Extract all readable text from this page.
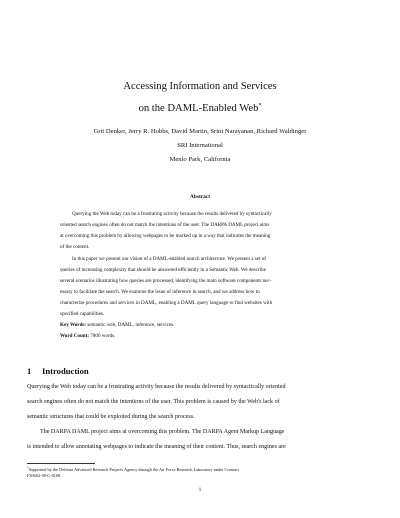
Accessing Information and Services
on the DAML-Enabled Web*
Grit Denker, Jerry R. Hobbs, David Martin, Srini Narayanan, Richard Waldinger
SRI International
Menlo Park, California
Abstract
Querying the Web today can be a frustrating activity because the results delivered by syntactically
oriented search engines often do not match the intentions of the user. The DARPA DAML project aims
at overcoming this problem by allowing webpages to be marked up in a way that indicates the meaning
of the content.
In this paper we present our vision of a DAML-enabled search architecture. We present a set of
queries of increasing complexity that should be answered efficiently in a Semantic Web. We describe
several scenarios illustrating how queries are processed, identifying the main software components nec-
essary to facilitate the search. We examine the issue of inference in search, and we address how to
characterize procedures and services in DAML, enabling a DAML query language to find websites with
specified capabilities.
Key Words: semantic web, DAML, inference, services.
Word Count: 7800 words.
1 Introduction
Querying the Web today can be a frustrating activity because the results delivered by syntactically oriented
search engines often do not match the intentions of the user. This problem is caused by the Web's lack of
semantic structures that could be exploited during the search process.
The DARPA DAML project aims at overcoming this problem. The DARPA Agent Markup Language
is intended to allow annotating webpages to indicate the meaning of their content. Thus, search engines are
*Supported by the Defense Advanced Research Projects Agency through the Air Force Research Laboratory under Contract
F30602-00-C-0168.
1
